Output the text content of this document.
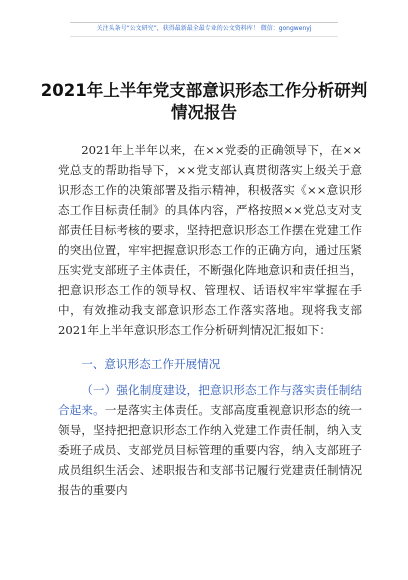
关注头条号“公文研究”，获得最新最全最专业的公文资料库！ 微信：gongwenyj
2021年上半年党支部意识形态工作分析研判
情况报告

2021年上半年以来，在××党委的正确领导下，在××党总支的帮助指导下，××党支部认真贯彻落实上级关于意识形态工作的决策部署及指示精神，积极落实《××意识形态工作目标责任制》的具体内容，严格按照××党总支对支部责任目标考核的要求，坚持把意识形态工作摆在党建工作的突出位置，牢牢把握意识形态工作的正确方向，通过压紧压实党支部班子主体责任，不断强化阵地意识和责任担当，把意识形态工作的领导权、管理权、话语权牢牢掌握在手中，有效推动我支部意识形态工作落实落地。现将我支部2021年上半年意识形态工作分析研判情况汇报如下：

一、意识形态工作开展情况

（一）强化制度建设，把意识形态工作与落实责任制结合起来。一是落实主体责任。支部高度重视意识形态的统一领导，坚持把把意识形态工作纳入党建工作责任制，纳入支委班子成员、支部党员目标管理的重要内容，纳入支部班子成员组织生活会、述职报告和支部书记履行党建责任制情况报告的重要内
